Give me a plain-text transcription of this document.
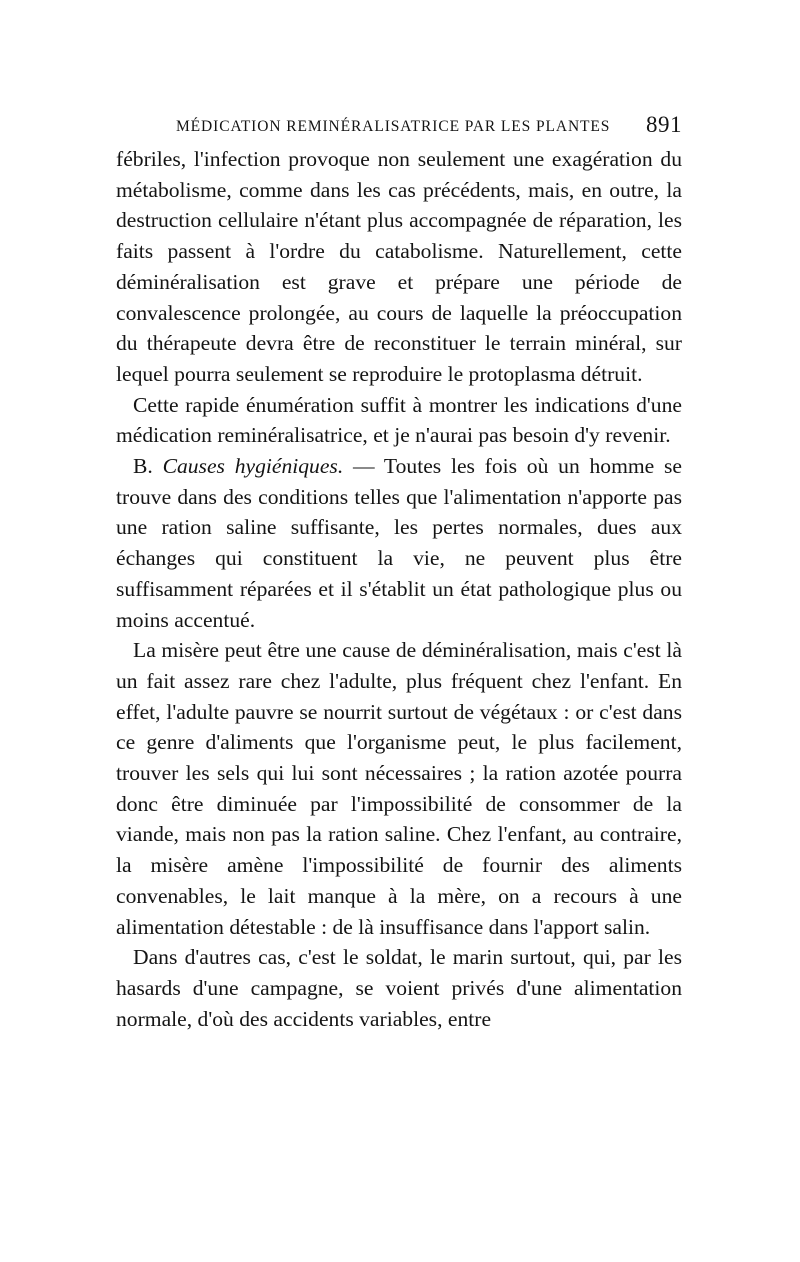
MÉDICATION REMINÉRALISATRICE PAR LES PLANTES 891

fébriles, l'infection provoque non seulement une exagération du métabolisme, comme dans les cas précédents, mais, en outre, la destruction cellulaire n'étant plus accompagnée de réparation, les faits passent à l'ordre du catabolisme. Naturellement, cette déminéralisation est grave et prépare une période de convalescence prolongée, au cours de laquelle la préoccupation du thérapeute devra être de reconstituer le terrain minéral, sur lequel pourra seulement se reproduire le protoplasma détruit.

Cette rapide énumération suffit à montrer les indications d'une médication reminéralisatrice, et je n'aurai pas besoin d'y revenir.

B. Causes hygiéniques. — Toutes les fois où un homme se trouve dans des conditions telles que l'alimentation n'apporte pas une ration saline suffisante, les pertes normales, dues aux échanges qui constituent la vie, ne peuvent plus être suffisamment réparées et il s'établit un état pathologique plus ou moins accentué.

La misère peut être une cause de déminéralisation, mais c'est là un fait assez rare chez l'adulte, plus fréquent chez l'enfant. En effet, l'adulte pauvre se nourrit surtout de végétaux : or c'est dans ce genre d'aliments que l'organisme peut, le plus facilement, trouver les sels qui lui sont nécessaires ; la ration azotée pourra donc être diminuée par l'impossibilité de consommer de la viande, mais non pas la ration saline. Chez l'enfant, au contraire, la misère amène l'impossibilité de fournir des aliments convenables, le lait manque à la mère, on a recours à une alimentation détestable : de là insuffisance dans l'apport salin.

Dans d'autres cas, c'est le soldat, le marin surtout, qui, par les hasards d'une campagne, se voient privés d'une alimentation normale, d'où des accidents variables, entre
